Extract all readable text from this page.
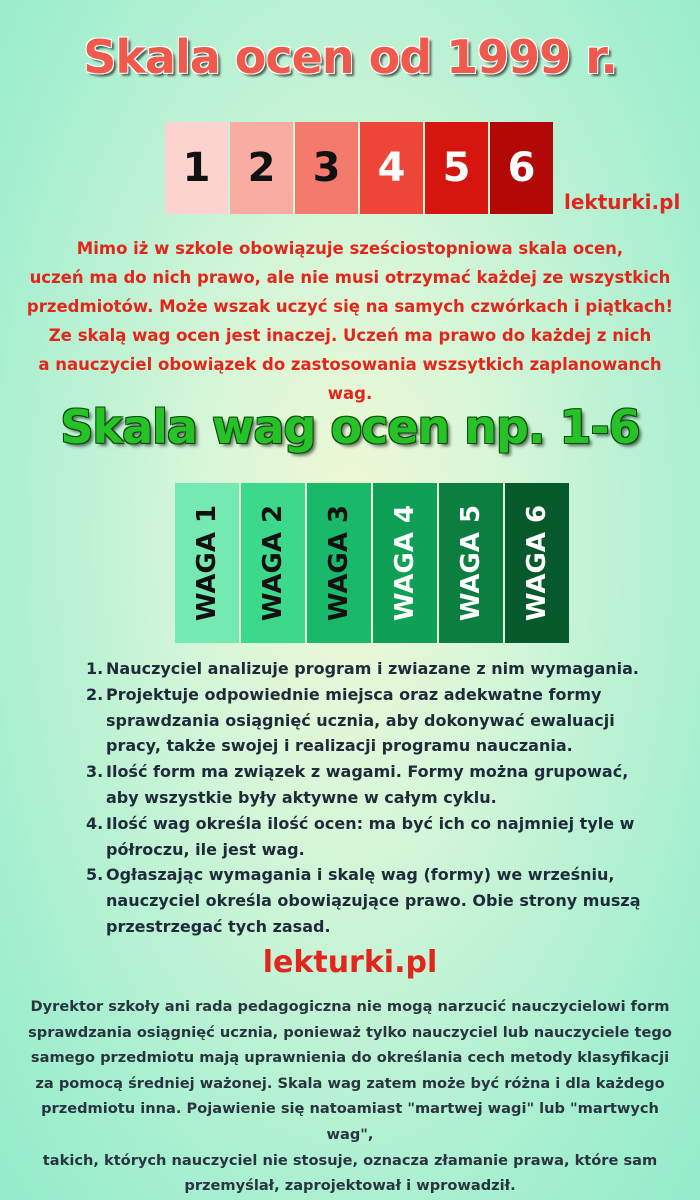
Skala ocen od 1999 r.
1 2 3 4 5 6
lekturki.pl
Mimo iż w szkole obowiązuje sześciostopniowa skala ocen,
uczeń ma do nich prawo, ale nie musi otrzymać każdej ze wszystkich
przedmiotów. Może wszak uczyć się na samych czwórkach i piątkach!
Ze skalą wag ocen jest inaczej. Uczeń ma prawo do każdej z nich
a nauczyciel obowiązek do zastosowania wszsytkich zaplanowanch wag.
Skala wag ocen np. 1-6
WAGA 1 WAGA 2 WAGA 3 WAGA 4 WAGA 5 WAGA 6
1. Nauczyciel analizuje program i zwiazane z nim wymagania.
2. Projektuje odpowiednie miejsca oraz adekwatne formy sprawdzania osiągnięć ucznia, aby dokonywać ewaluacji pracy, także swojej i realizacji programu nauczania.
3. Ilość form ma związek z wagami. Formy można grupować, aby wszystkie były aktywne w całym cyklu.
4. Ilość wag określa ilość ocen: ma być ich co najmniej tyle w półroczu, ile jest wag.
5. Ogłaszając wymagania i skalę wag (formy) we wrześniu, nauczyciel określa obowiązujące prawo. Obie strony muszą przestrzegać tych zasad.
lekturki.pl
Dyrektor szkoły ani rada pedagogiczna nie mogą narzucić nauczycielowi form
sprawdzania osiągnięć ucznia, ponieważ tylko nauczyciel lub nauczyciele tego
samego przedmiotu mają uprawnienia do określania cech metody klasyfikacji
za pomocą średniej ważonej. Skala wag zatem może być różna i dla każdego
przedmiotu inna. Pojawienie się natoamiast "martwej wagi" lub "martwych wag",
takich, których nauczyciel nie stosuje, oznacza złamanie prawa, które sam
przemyślał, zaprojektował i wprowadził.
